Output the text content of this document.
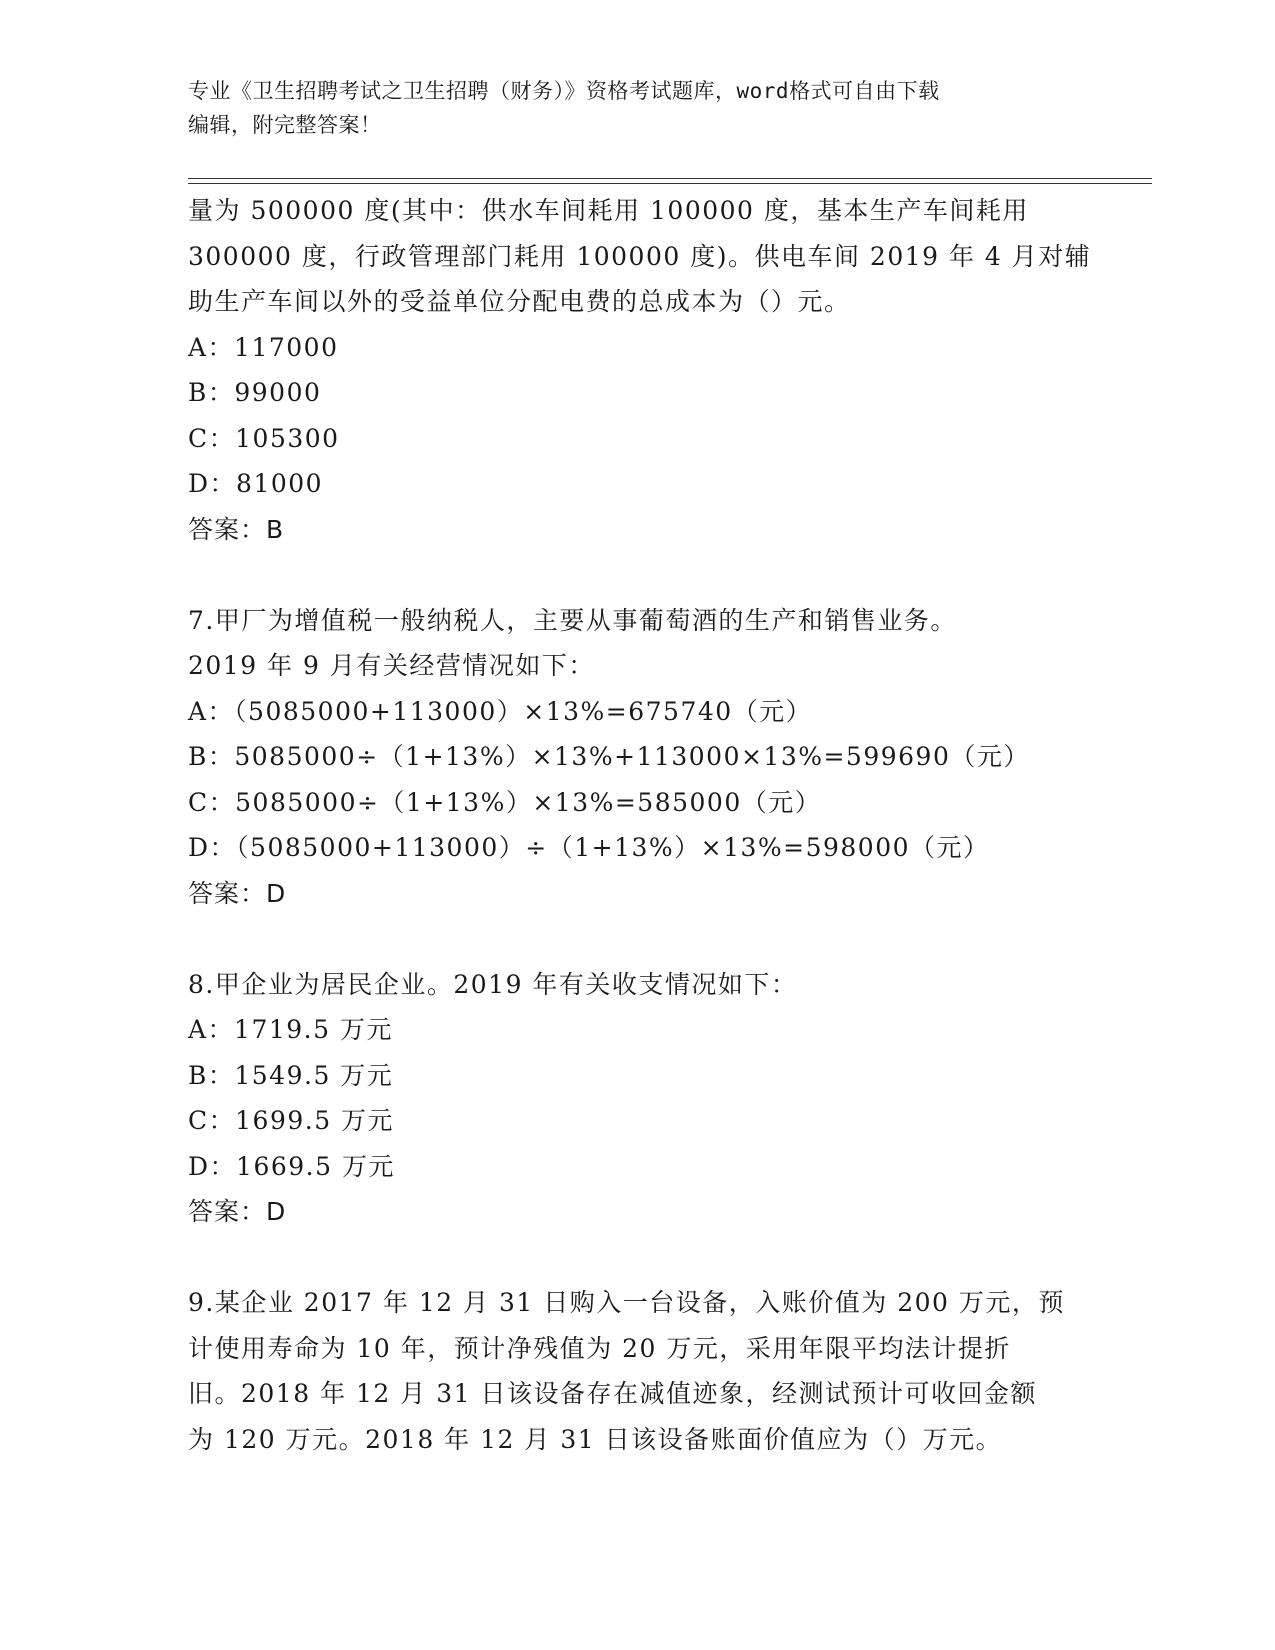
专业《卫生招聘考试之卫生招聘（财务）》资格考试题库，word格式可自由下载
编辑，附完整答案！
量为 500000 度(其中：供水车间耗用 100000 度，基本生产车间耗用
300000 度，行政管理部门耗用 100000 度)。供电车间 2019 年 4 月对辅
助生产车间以外的受益单位分配电费的总成本为（）元。
A：117000
B：99000
C：105300
D：81000
答案：B
7.甲厂为增值税一般纳税人，主要从事葡萄酒的生产和销售业务。
2019 年 9 月有关经营情况如下：
A：（5085000+113000）×13%=675740（元）
B：5085000÷（1+13%）×13%+113000×13%=599690（元）
C：5085000÷（1+13%）×13%=585000（元）
D：（5085000+113000）÷（1+13%）×13%=598000（元）
答案：D
8.甲企业为居民企业。2019 年有关收支情况如下：
A：1719.5 万元
B：1549.5 万元
C：1699.5 万元
D：1669.5 万元
答案：D
9.某企业 2017 年 12 月 31 日购入一台设备，入账价值为 200 万元，预
计使用寿命为 10 年，预计净残值为 20 万元，采用年限平均法计提折
旧。2018 年 12 月 31 日该设备存在减值迹象，经测试预计可收回金额
为 120 万元。2018 年 12 月 31 日该设备账面价值应为（）万元。
